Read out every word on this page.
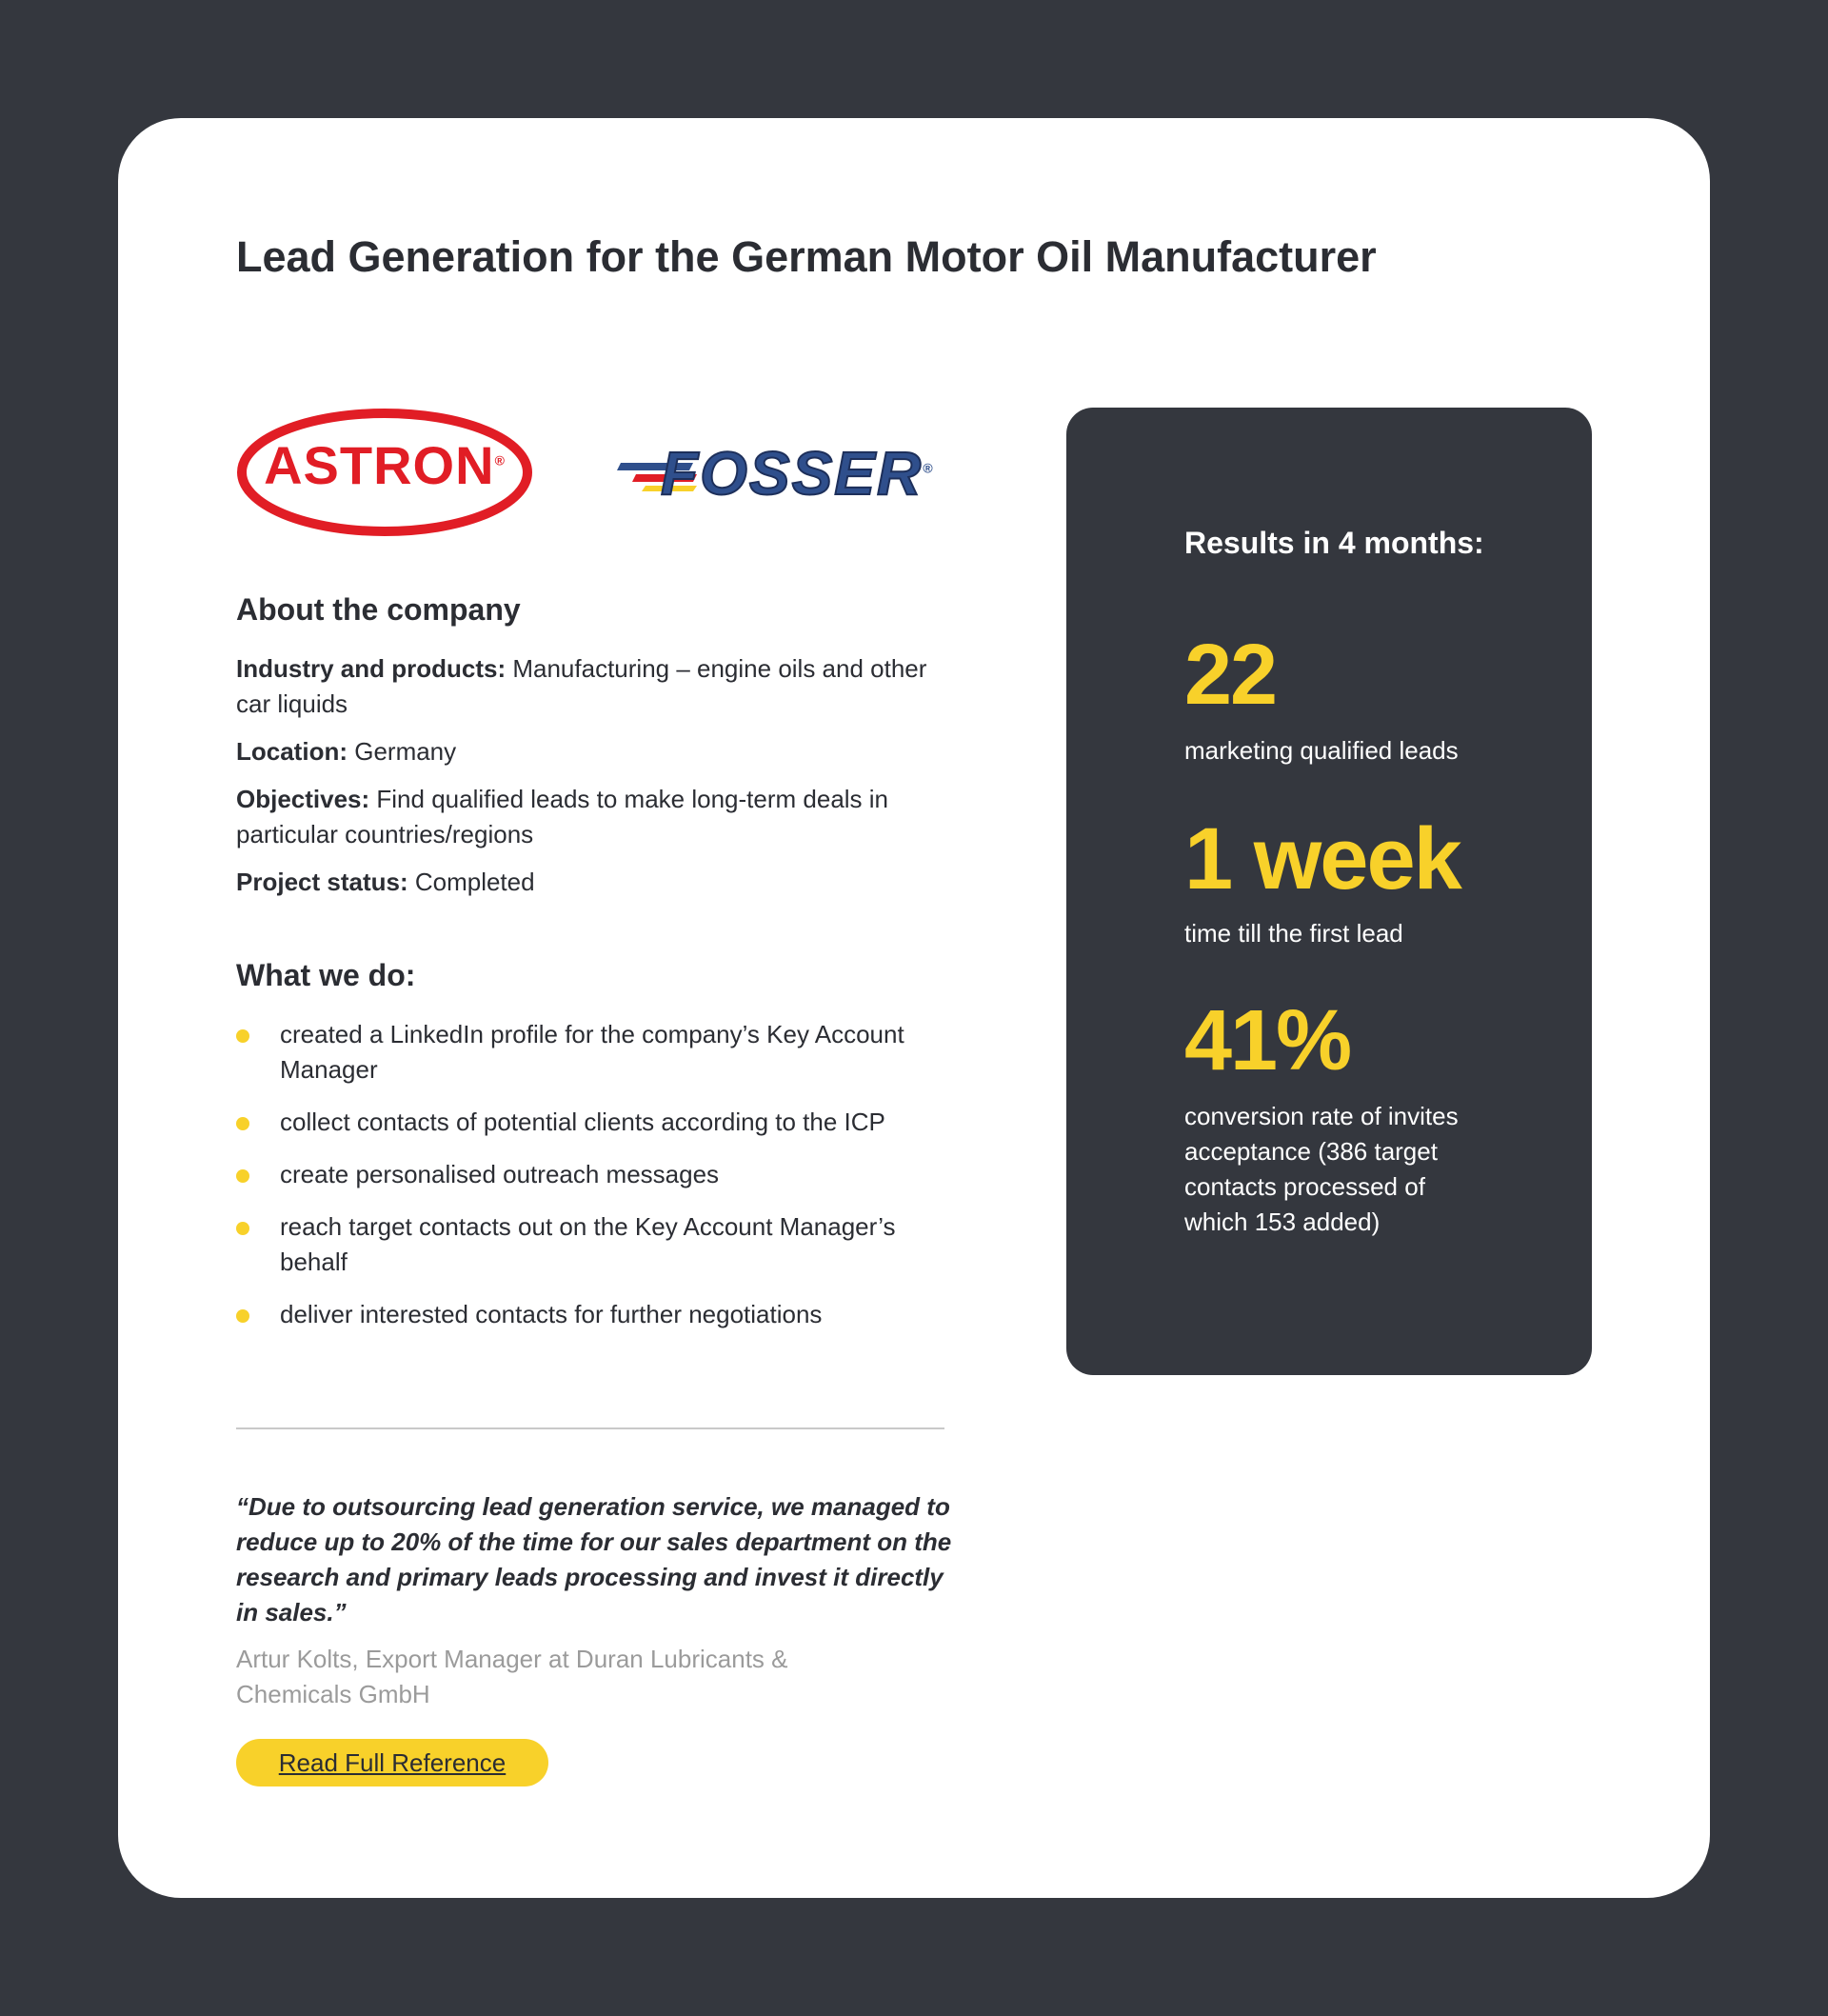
Lead Generation for the German Motor Oil Manufacturer
ASTRON®	FOSSER®
About the company

Industry and products: Manufacturing – engine oils and other car liquids

Location: Germany

Objectives: Find qualified leads to make long-term deals in particular countries/regions

Project status: Completed

What we do:
created a LinkedIn profile for the company’s Key Account Manager
collect contacts of potential clients according to the ICP
create personalised outreach messages
reach target contacts out on the Key Account Manager’s behalf
deliver interested contacts for further negotiations

“Due to outsourcing lead generation service, we managed to reduce up to 20% of the time for our sales department on the research and primary leads processing and invest it directly in sales.”

Artur Kolts, Export Manager at Duran Lubricants & Chemicals GmbH

Read Full Reference
Results in 4 months:
22
marketing qualified leads
1 week
time till the first lead
41%
conversion rate of invites acceptance (386 target contacts processed of which 153 added)
